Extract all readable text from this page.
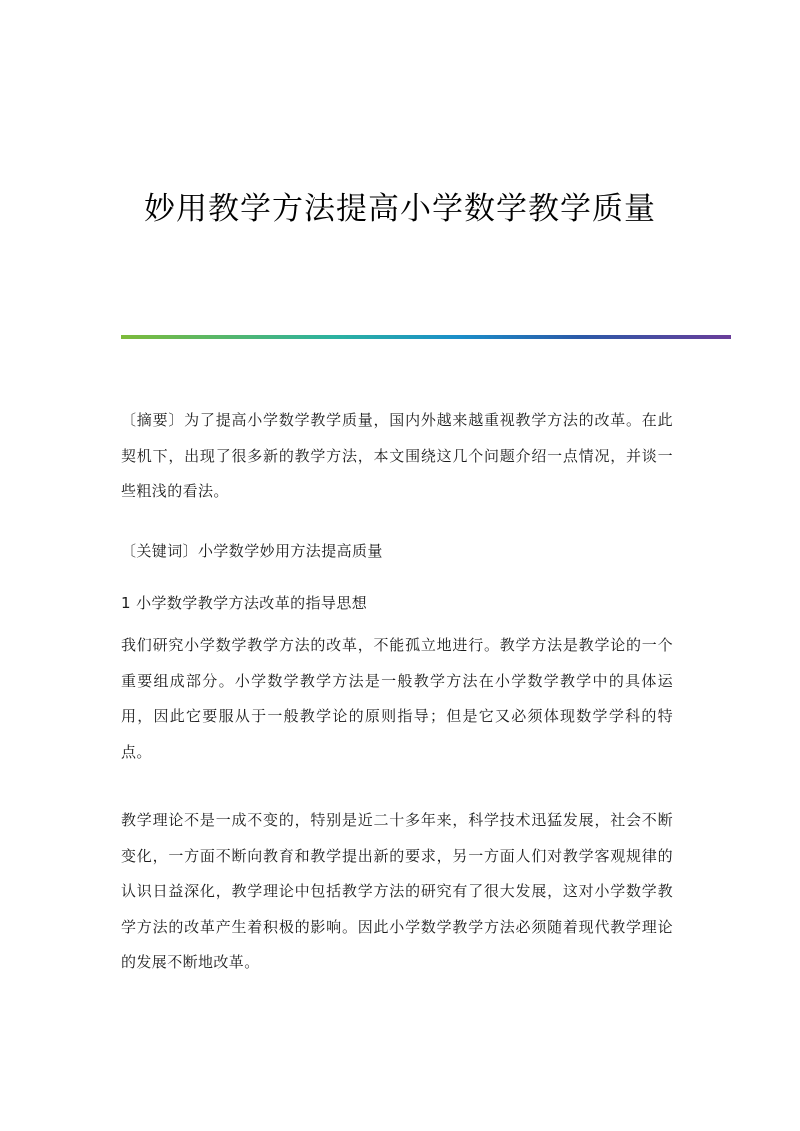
妙用教学方法提高小学数学教学质量

〔摘要〕为了提高小学数学教学质量，国内外越来越重视教学方法的改革。在此契机下，出现了很多新的教学方法，本文围绕这几个问题介绍一点情况，并谈一些粗浅的看法。

〔关键词〕小学数学妙用方法提高质量

1 小学数学教学方法改革的指导思想

我们研究小学数学教学方法的改革，不能孤立地进行。教学方法是教学论的一个重要组成部分。小学数学教学方法是一般教学方法在小学数学教学中的具体运用，因此它要服从于一般教学论的原则指导；但是它又必须体现数学学科的特点。

教学理论不是一成不变的，特别是近二十多年来，科学技术迅猛发展，社会不断变化，一方面不断向教育和教学提出新的要求，另一方面人们对教学客观规律的认识日益深化，教学理论中包括教学方法的研究有了很大发展，这对小学数学教学方法的改革产生着积极的影响。因此小学数学教学方法必须随着现代教学理论的发展不断地改革。
